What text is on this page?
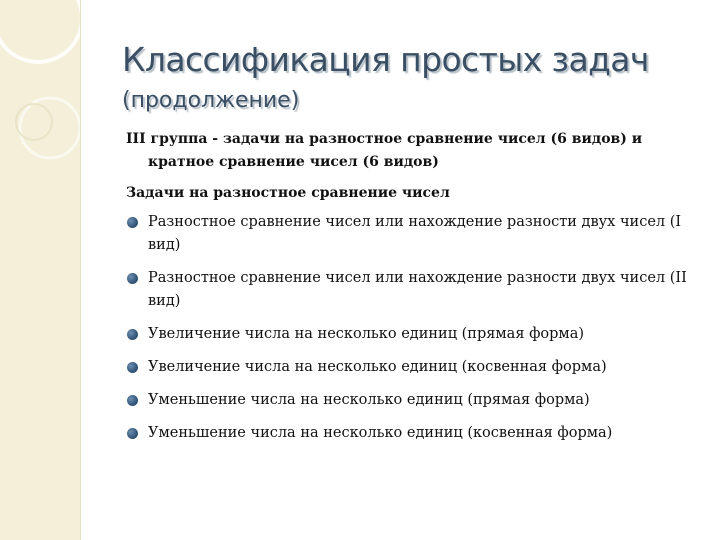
Классификация простых задач
(продолжение)
III группа - задачи на разностное сравнение чисел (6 видов) и кратное сравнение чисел (6 видов)
Задачи на разностное сравнение чисел
Разностное сравнение чисел или нахождение разности двух чисел (I вид)
Разностное сравнение чисел или нахождение разности двух чисел (II вид)
Увеличение числа на несколько единиц (прямая форма)
Увеличение числа на несколько единиц (косвенная форма)
Уменьшение числа на несколько единиц (прямая форма)
Уменьшение числа на несколько единиц (косвенная форма)
